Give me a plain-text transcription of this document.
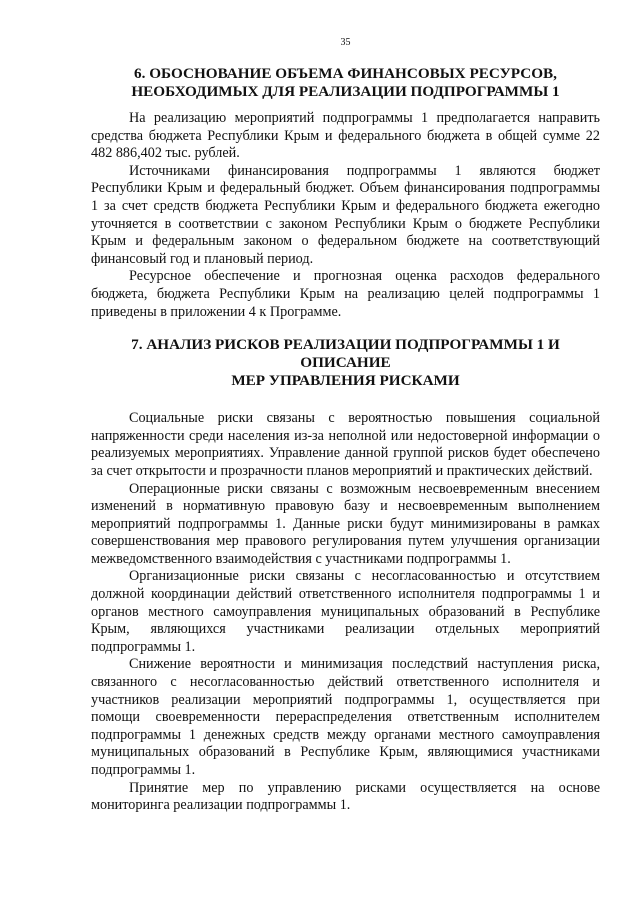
35
6. ОБОСНОВАНИЕ ОБЪЕМА ФИНАНСОВЫХ РЕСУРСОВ,
НЕОБХОДИМЫХ ДЛЯ РЕАЛИЗАЦИИ ПОДПРОГРАММЫ 1

На реализацию мероприятий подпрограммы 1 предполагается направить средства бюджета Республики Крым и федерального бюджета в общей сумме 22 482 886,402 тыс. рублей.

Источниками финансирования подпрограммы 1 являются бюджет Республики Крым и федеральный бюджет. Объем финансирования подпрограммы 1 за счет средств бюджета Республики Крым и федерального бюджета ежегодно уточняется в соответствии с законом Республики Крым о бюджете Республики Крым и федеральным законом о федеральном бюджете на соответствующий финансовый год и плановый период.

Ресурсное обеспечение и прогнозная оценка расходов федерального бюджета, бюджета Республики Крым на реализацию целей подпрограммы 1 приведены в приложении 4 к Программе.

7. АНАЛИЗ РИСКОВ РЕАЛИЗАЦИИ ПОДПРОГРАММЫ 1 И ОПИСАНИЕ
МЕР УПРАВЛЕНИЯ РИСКАМИ

Социальные риски связаны с вероятностью повышения социальной напряженности среди населения из-за неполной или недостоверной информации о реализуемых мероприятиях. Управление данной группой рисков будет обеспечено за счет открытости и прозрачности планов мероприятий и практических действий.

Операционные риски связаны с возможным несвоевременным внесением изменений в нормативную правовую базу и несвоевременным выполнением мероприятий подпрограммы 1. Данные риски будут минимизированы в рамках совершенствования мер правового регулирования путем улучшения организации межведомственного взаимодействия с участниками подпрограммы 1.

Организационные риски связаны с несогласованностью и отсутствием должной координации действий ответственного исполнителя подпрограммы 1 и органов местного самоуправления муниципальных образований в Республике Крым, являющихся участниками реализации отдельных мероприятий подпрограммы 1.

Снижение вероятности и минимизация последствий наступления риска, связанного с несогласованностью действий ответственного исполнителя и участников реализации мероприятий подпрограммы 1, осуществляется при помощи своевременности перераспределения ответственным исполнителем подпрограммы 1 денежных средств между органами местного самоуправления муниципальных образований в Республике Крым, являющимися участниками подпрограммы 1.

Принятие мер по управлению рисками осуществляется на основе мониторинга реализации подпрограммы 1.
